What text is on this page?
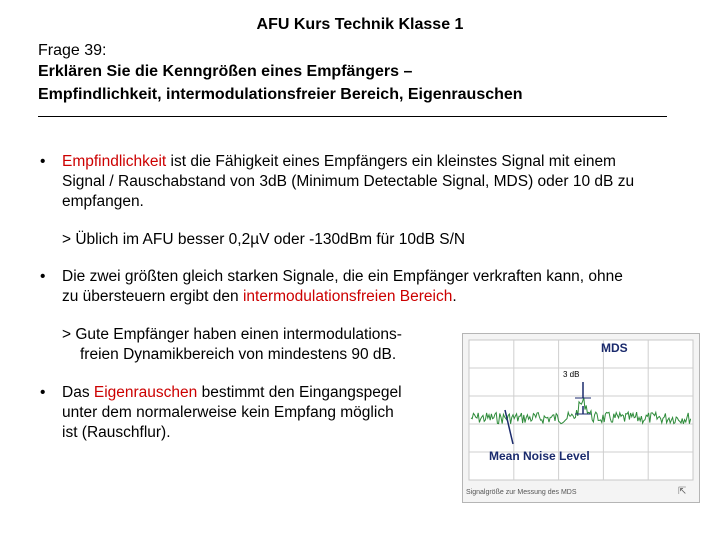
AFU Kurs Technik Klasse 1
Frage 39:
Erklären Sie die Kenngrößen eines Empfängers –
Empfindlichkeit, intermodulationsfreier Bereich, Eigenrauschen
• Empfindlichkeit ist die Fähigkeit eines Empfängers ein kleinstes Signal mit einem
Signal / Rauschabstand von 3dB (Minimum Detectable Signal, MDS) oder 10 dB zu
empfangen.
> Üblich im AFU besser 0,2µV oder -130dBm für 10dB S/N
• Die zwei größten gleich starken Signale, die ein Empfänger verkraften kann, ohne
zu übersteuern ergibt den intermodulationsfreien Bereich.
> Gute Empfänger haben einen intermodulations-
freien Dynamikbereich von mindestens 90 dB.
• Das Eigenrauschen bestimmt den Eingangspegel
unter dem normalerweise kein Empfang möglich
ist (Rauschflur).
MDS
3 dB
Mean Noise Level
Signalgröße zur Messung des MDS	⇱
